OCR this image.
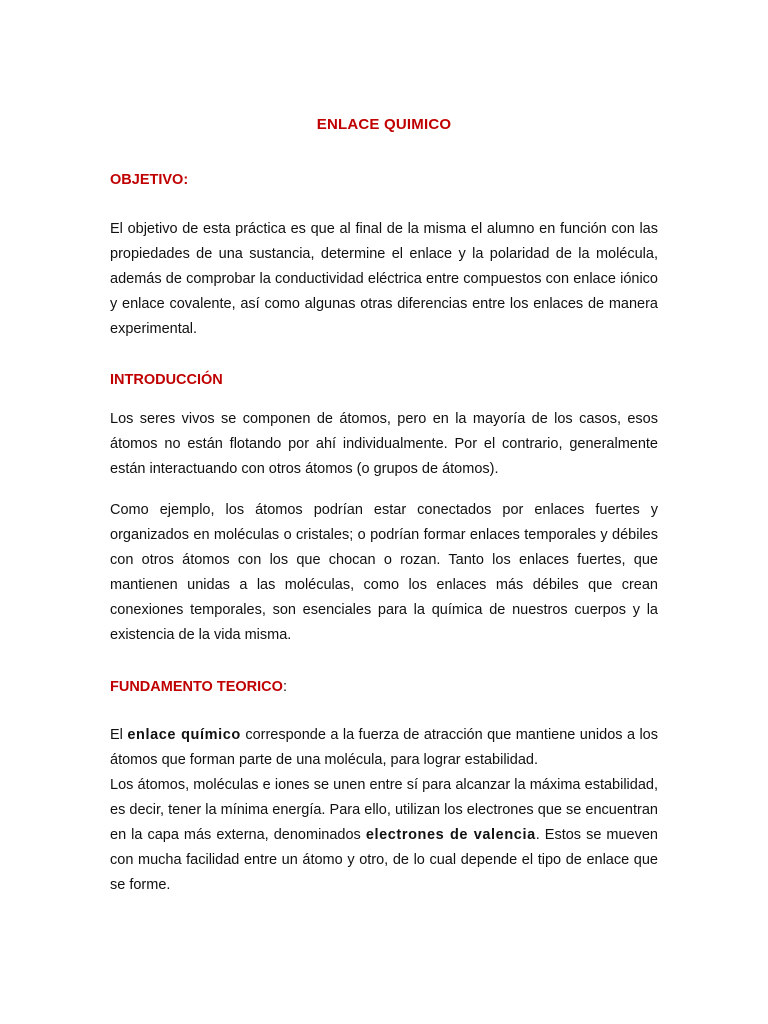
ENLACE QUIMICO
OBJETIVO:

El objetivo de esta práctica es que al final de la misma el alumno en función con las propiedades de una sustancia, determine el enlace y la polaridad de la molécula, además de comprobar la conductividad eléctrica entre compuestos con enlace iónico y enlace covalente, así como algunas otras diferencias entre los enlaces de manera experimental.

INTRODUCCIÓN

Los seres vivos se componen de átomos, pero en la mayoría de los casos, esos átomos no están flotando por ahí individualmente. Por el contrario, generalmente están interactuando con otros átomos (o grupos de átomos).

Como ejemplo, los átomos podrían estar conectados por enlaces fuertes y organizados en moléculas o cristales; o podrían formar enlaces temporales y débiles con otros átomos con los que chocan o rozan. Tanto los enlaces fuertes, que mantienen unidas a las moléculas, como los enlaces más débiles que crean conexiones temporales, son esenciales para la química de nuestros cuerpos y la existencia de la vida misma.

FUNDAMENTO TEORICO:

El enlace químico corresponde a la fuerza de atracción que mantiene unidos a los átomos que forman parte de una molécula, para lograr estabilidad.
Los átomos, moléculas e iones se unen entre sí para alcanzar la máxima estabilidad, es decir, tener la mínima energía. Para ello, utilizan los electrones que se encuentran en la capa más externa, denominados electrones de valencia. Estos se mueven con mucha facilidad entre un átomo y otro, de lo cual depende el tipo de enlace que se forme.
